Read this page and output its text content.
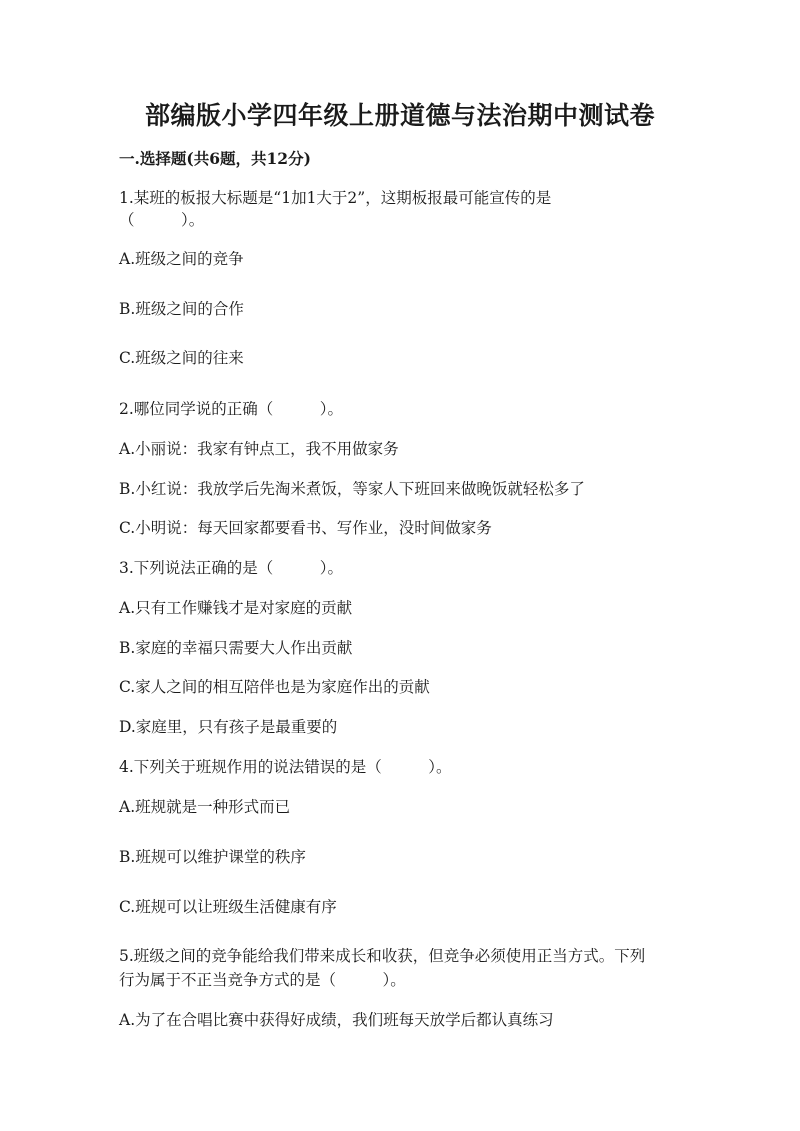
部编版小学四年级上册道德与法治期中测试卷
一.选择题(共6题，共12分)
1.某班的板报大标题是“1加1大于2”，这期板报最可能宣传的是
（　　　）。
A.班级之间的竞争
B.班级之间的合作
C.班级之间的往来
2.哪位同学说的正确（　　　）。
A.小丽说：我家有钟点工，我不用做家务
B.小红说：我放学后先淘米煮饭，等家人下班回来做晚饭就轻松多了
C.小明说：每天回家都要看书、写作业，没时间做家务
3.下列说法正确的是（　　　）。
A.只有工作赚钱才是对家庭的贡献
B.家庭的幸福只需要大人作出贡献
C.家人之间的相互陪伴也是为家庭作出的贡献
D.家庭里，只有孩子是最重要的
4.下列关于班规作用的说法错误的是（　　　）。
A.班规就是一种形式而已
B.班规可以维护课堂的秩序
C.班规可以让班级生活健康有序
5.班级之间的竞争能给我们带来成长和收获，但竞争必须使用正当方式。下列
行为属于不正当竞争方式的是（　　　）。
A.为了在合唱比赛中获得好成绩，我们班每天放学后都认真练习
